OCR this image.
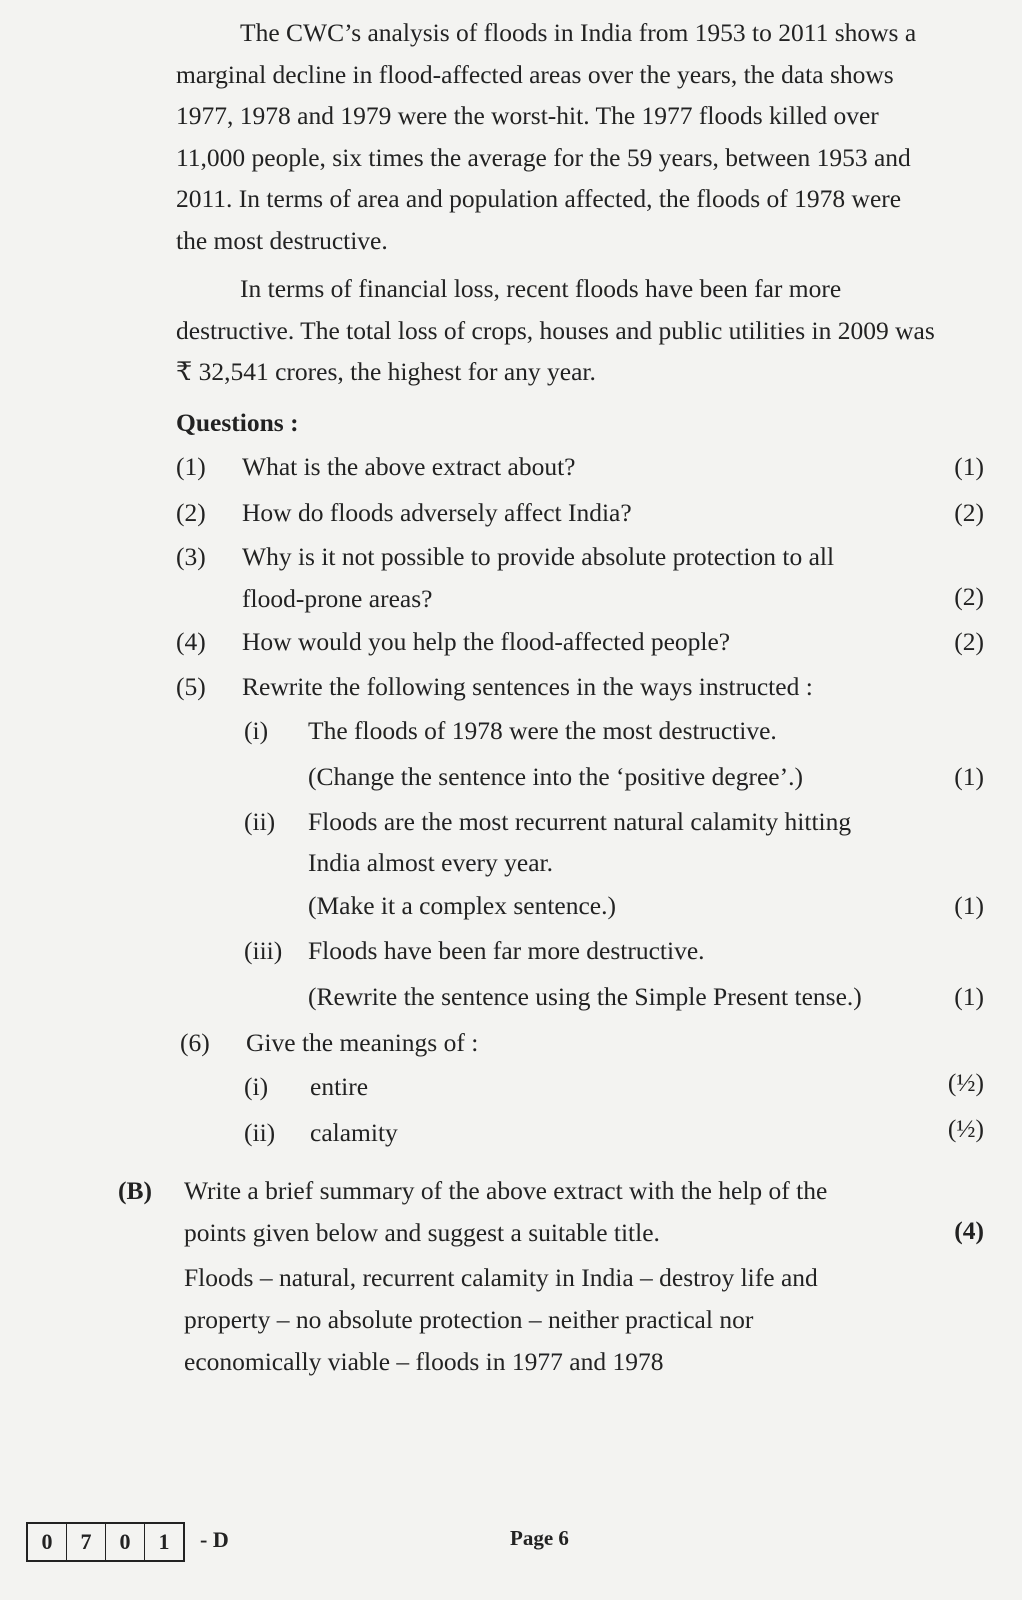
The CWC’s analysis of floods in India from 1953 to 2011 shows a marginal decline in flood-affected areas over the years, the data shows 1977, 1978 and 1979 were the worst-hit. The 1977 floods killed over 11,000 people, six times the average for the 59 years, between 1953 and 2011. In terms of area and population affected, the floods of 1978 were the most destructive.

In terms of financial loss, recent floods have been far more destructive. The total loss of crops, houses and public utilities in 2009 was ₹ 32,541 crores, the highest for any year.

Questions :
(1) What is the above extract about?	(1)
(2) How do floods adversely affect India?	(2)
(3) Why is it not possible to provide absolute protection to all
flood-prone areas?	(2)
(4) How would you help the flood-affected people?	(2)
(5) Rewrite the following sentences in the ways instructed :
(i) The floods of 1978 were the most destructive.
(Change the sentence into the ‘positive degree’.)	(1)
(ii) Floods are the most recurrent natural calamity hitting
India almost every year.
(Make it a complex sentence.)	(1)
(iii) Floods have been far more destructive.
(Rewrite the sentence using the Simple Present tense.)	(1)
(6) Give the meanings of :
(i) entire	(½)
(ii) calamity	(½)
(B) Write a brief summary of the above extract with the help of the
points given below and suggest a suitable title.	(4)
Floods – natural, recurrent calamity in India – destroy life and
property – no absolute protection – neither practical nor
economically viable – floods in 1977 and 1978
0	7	0	1	- D	Page 6
